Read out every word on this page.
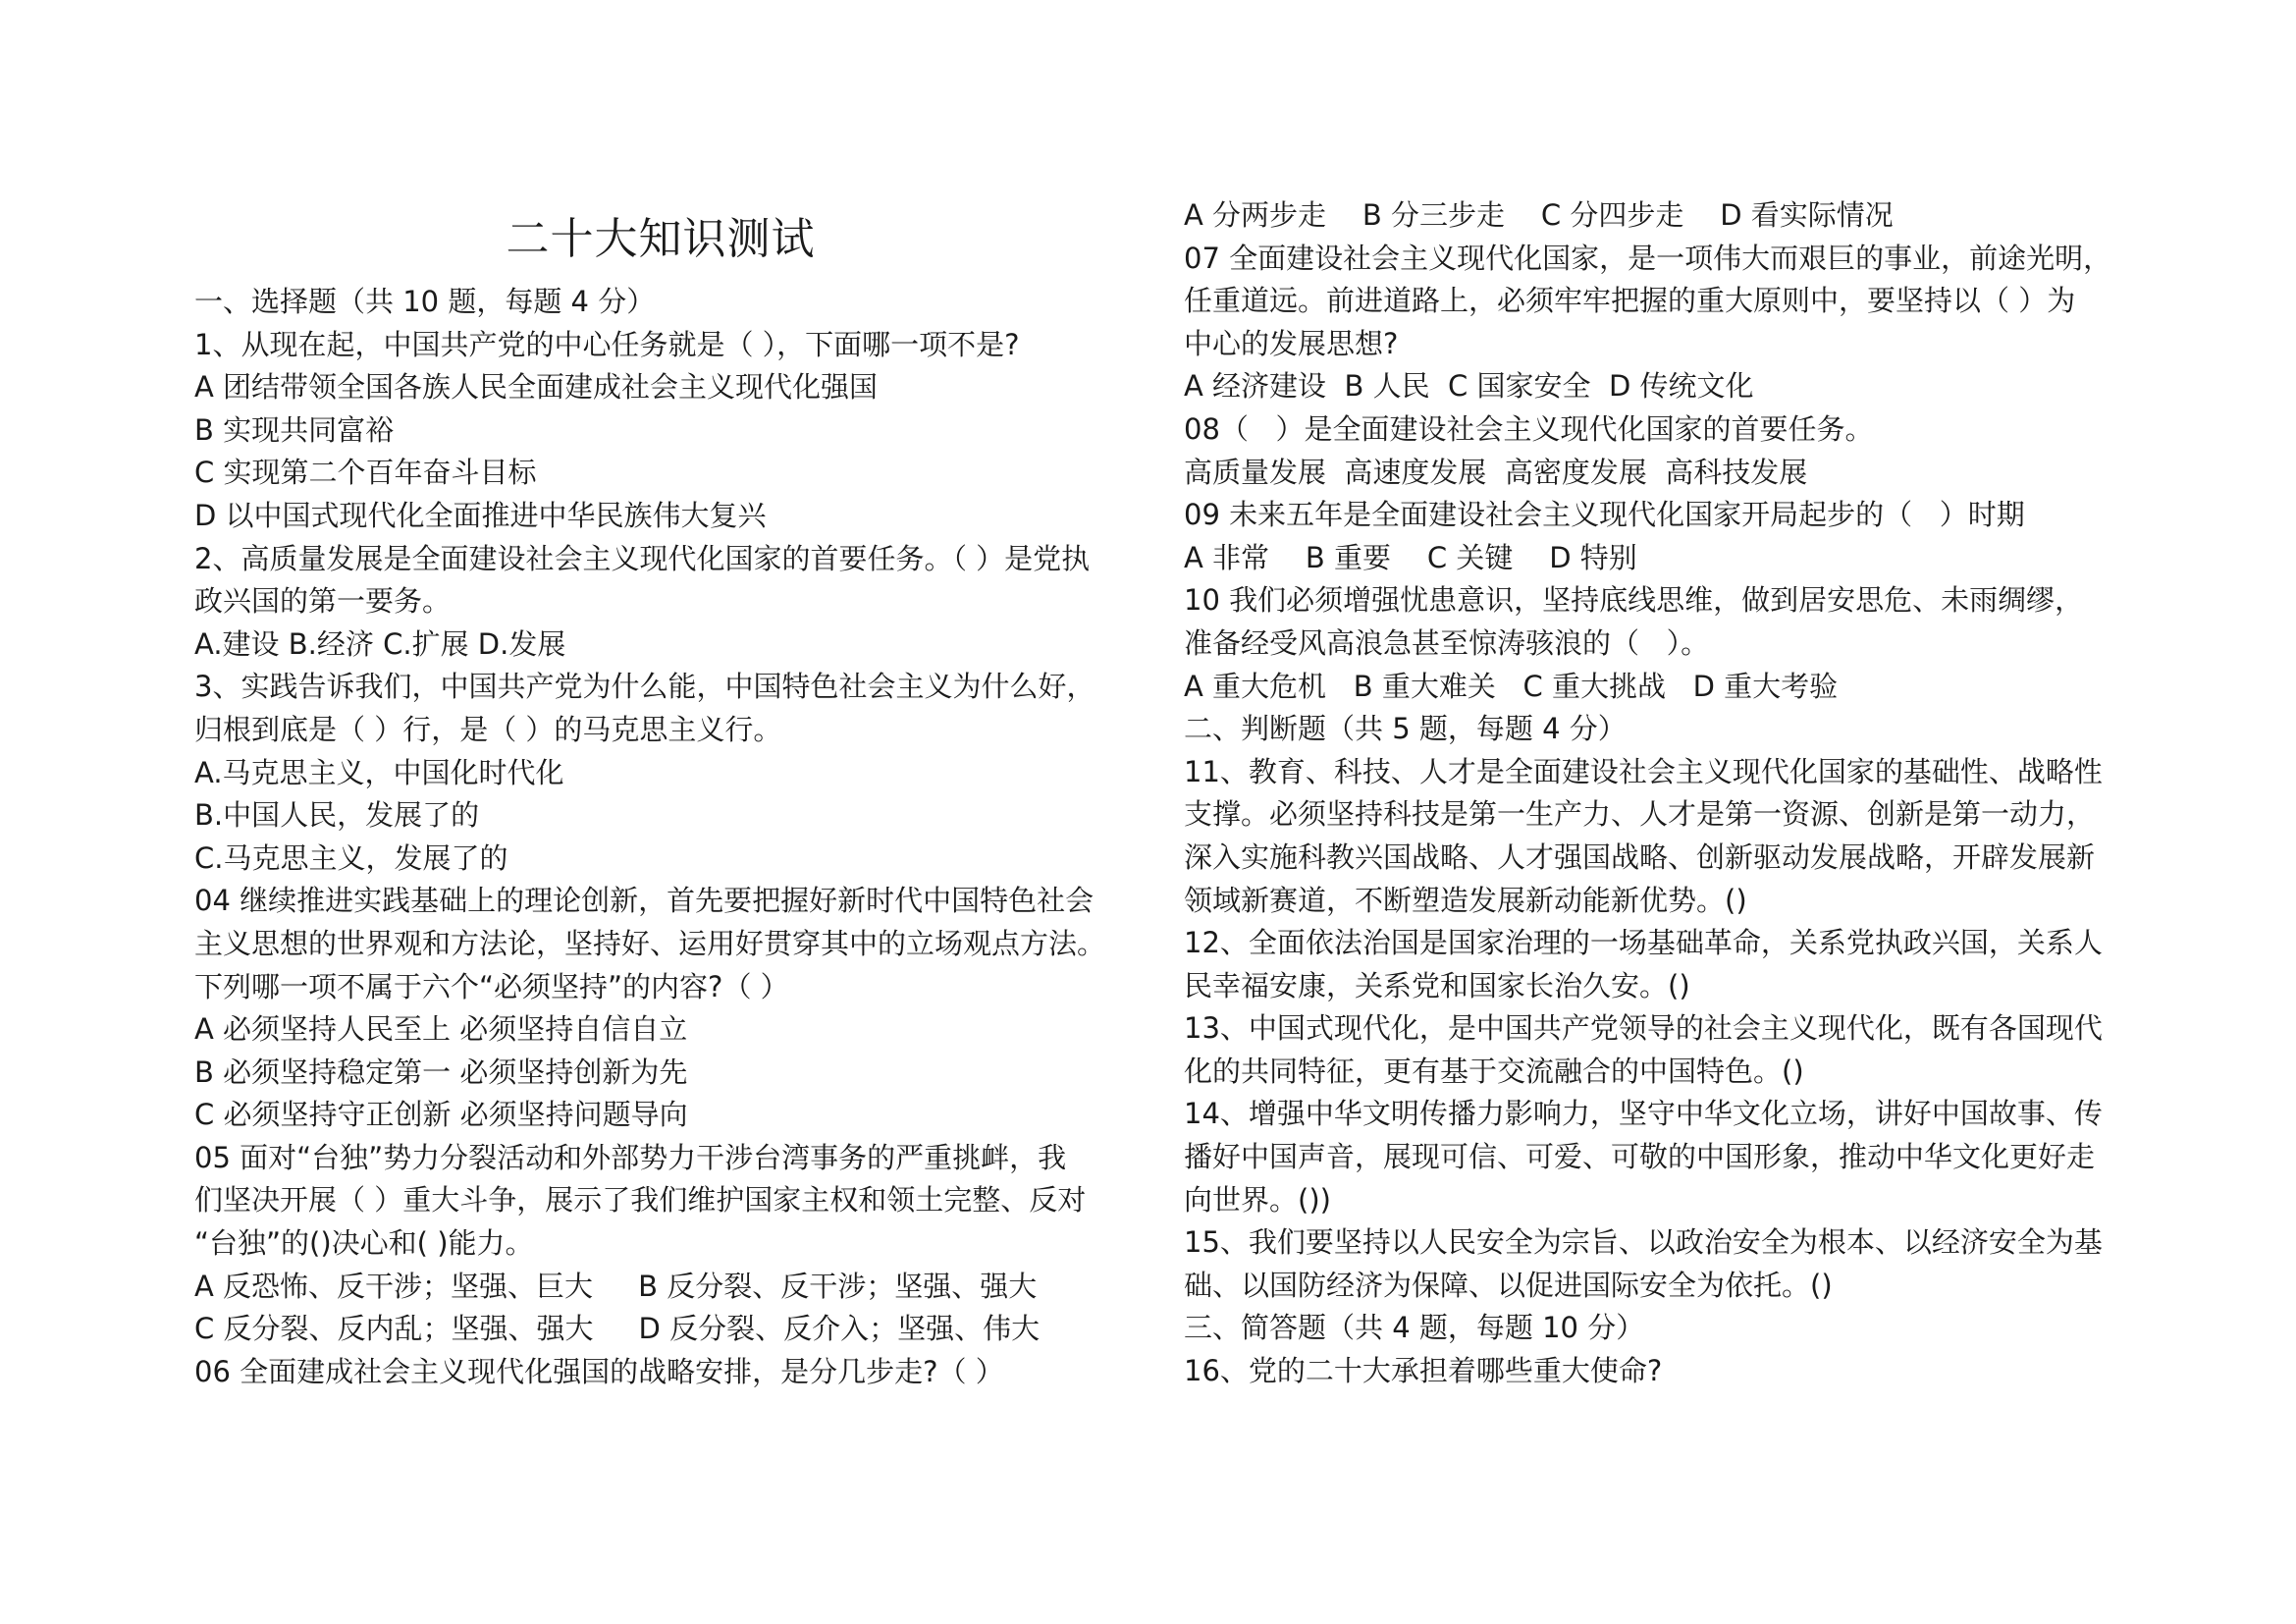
二十大知识测试
一、选择题（共 10 题，每题 4 分）
1、从现在起，中国共产党的中心任务就是（ ），下面哪一项不是?
A 团结带领全国各族人民全面建成社会主义现代化强国
B 实现共同富裕
C 实现第二个百年奋斗目标
D 以中国式现代化全面推进中华民族伟大复兴
2、高质量发展是全面建设社会主义现代化国家的首要任务。（ ）是党执
政兴国的第一要务。
A.建设 B.经济 C.扩展 D.发展
3、实践告诉我们，中国共产党为什么能，中国特色社会主义为什么好，
归根到底是（ ）行，是（ ）的马克思主义行。
A.马克思主义，中国化时代化
B.中国人民，发展了的
C.马克思主义，发展了的
04 继续推进实践基础上的理论创新，首先要把握好新时代中国特色社会
主义思想的世界观和方法论，坚持好、运用好贯穿其中的立场观点方法。
下列哪一项不属于六个“必须坚持”的内容?（ ）
A 必须坚持人民至上 必须坚持自信自立
B 必须坚持稳定第一 必须坚持创新为先
C 必须坚持守正创新 必须坚持问题导向
05 面对“台独”势力分裂活动和外部势力干涉台湾事务的严重挑衅，我
们坚决开展（ ）重大斗争，展示了我们维护国家主权和领土完整、反对
“台独”的()决心和( )能力。
A 反恐怖、反干涉；坚强、巨大     B 反分裂、反干涉；坚强、强大
C 反分裂、反内乱；坚强、强大     D 反分裂、反介入；坚强、伟大
06 全面建成社会主义现代化强国的战略安排，是分几步走?（ ）
A 分两步走    B 分三步走    C 分四步走    D 看实际情况
07 全面建设社会主义现代化国家，是一项伟大而艰巨的事业，前途光明，
任重道远。前进道路上，必须牢牢把握的重大原则中，要坚持以（ ）为
中心的发展思想?
A 经济建设  B 人民  C 国家安全  D 传统文化
08（   ）是全面建设社会主义现代化国家的首要任务。
高质量发展  高速度发展  高密度发展  高科技发展
09 未来五年是全面建设社会主义现代化国家开局起步的（   ）时期
A 非常    B 重要    C 关键    D 特别
10 我们必须增强忧患意识，坚持底线思维，做到居安思危、未雨绸缪，
准备经受风高浪急甚至惊涛骇浪的（   ）。
A 重大危机   B 重大难关   C 重大挑战   D 重大考验
二、判断题（共 5 题，每题 4 分）
11、教育、科技、人才是全面建设社会主义现代化国家的基础性、战略性
支撑。必须坚持科技是第一生产力、人才是第一资源、创新是第一动力，
深入实施科教兴国战略、人才强国战略、创新驱动发展战略，开辟发展新
领域新赛道，不断塑造发展新动能新优势。()
12、全面依法治国是国家治理的一场基础革命，关系党执政兴国，关系人
民幸福安康，关系党和国家长治久安。()
13、中国式现代化，是中国共产党领导的社会主义现代化，既有各国现代
化的共同特征，更有基于交流融合的中国特色。()
14、增强中华文明传播力影响力，坚守中华文化立场，讲好中国故事、传
播好中国声音，展现可信、可爱、可敬的中国形象，推动中华文化更好走
向世界。())
15、我们要坚持以人民安全为宗旨、以政治安全为根本、以经济安全为基
础、以国防经济为保障、以促进国际安全为依托。()
三、简答题（共 4 题，每题 10 分）
16、党的二十大承担着哪些重大使命?
